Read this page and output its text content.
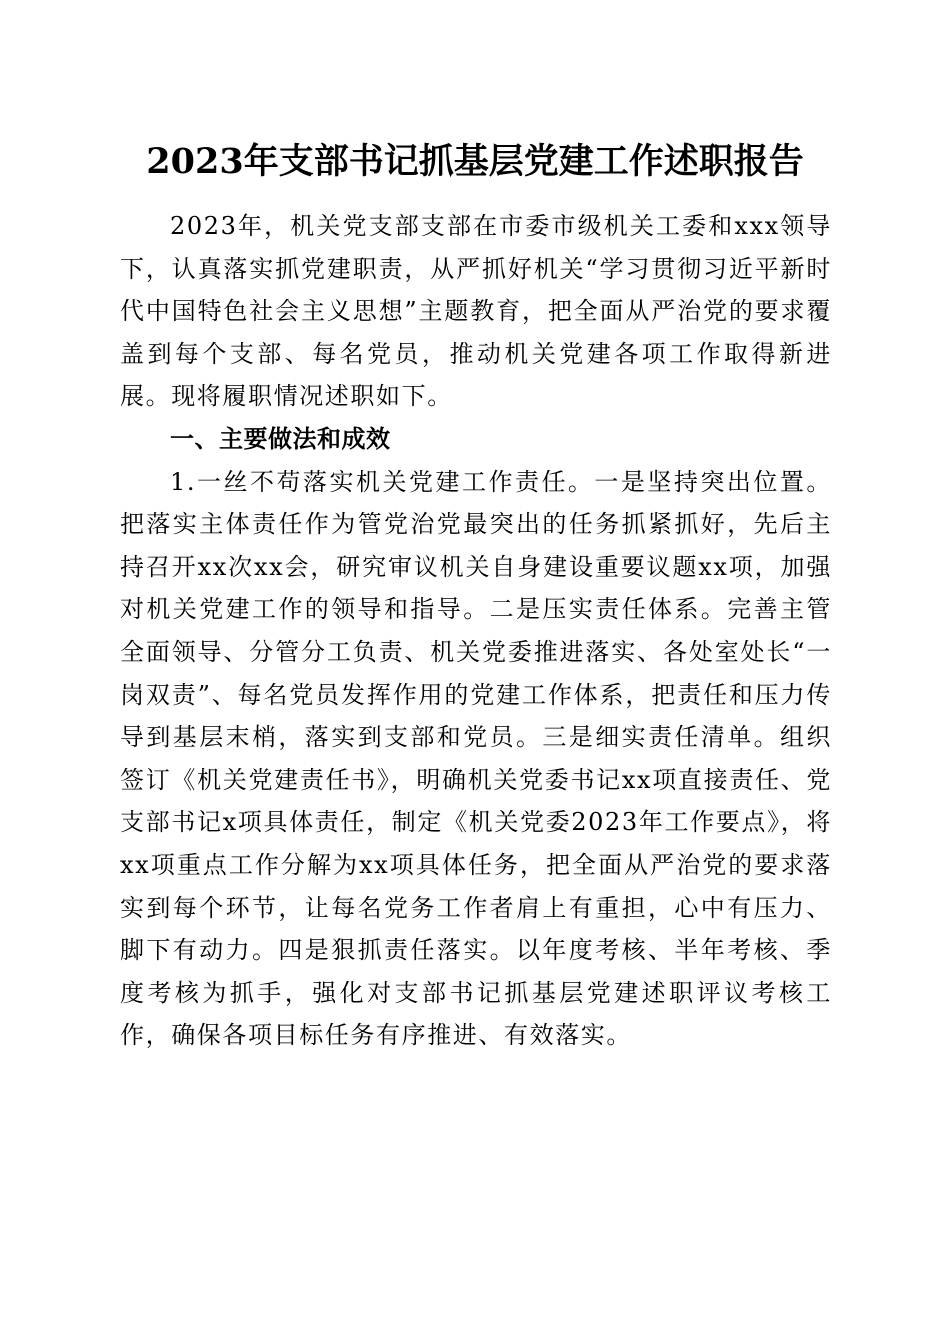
2023年支部书记抓基层党建工作述职报告

2023年，机关党支部支部在市委市级机关工委和xxx领导下，认真落实抓党建职责，从严抓好机关“学习贯彻习近平新时代中国特色社会主义思想”主题教育，把全面从严治党的要求覆盖到每个支部、每名党员，推动机关党建各项工作取得新进展。现将履职情况述职如下。

一、主要做法和成效

1.一丝不苟落实机关党建工作责任。一是坚持突出位置。把落实主体责任作为管党治党最突出的任务抓紧抓好，先后主持召开xx次xx会，研究审议机关自身建设重要议题xx项，加强对机关党建工作的领导和指导。二是压实责任体系。完善主管全面领导、分管分工负责、机关党委推进落实、各处室处长“一岗双责”、每名党员发挥作用的党建工作体系，把责任和压力传导到基层末梢，落实到支部和党员。三是细实责任清单。组织签订《机关党建责任书》，明确机关党委书记xx项直接责任、党支部书记x项具体责任，制定《机关党委2023年工作要点》，将xx项重点工作分解为xx项具体任务，把全面从严治党的要求落实到每个环节，让每名党务工作者肩上有重担，心中有压力、脚下有动力。四是狠抓责任落实。以年度考核、半年考核、季度考核为抓手，强化对支部书记抓基层党建述职评议考核工作，确保各项目标任务有序推进、有效落实。
